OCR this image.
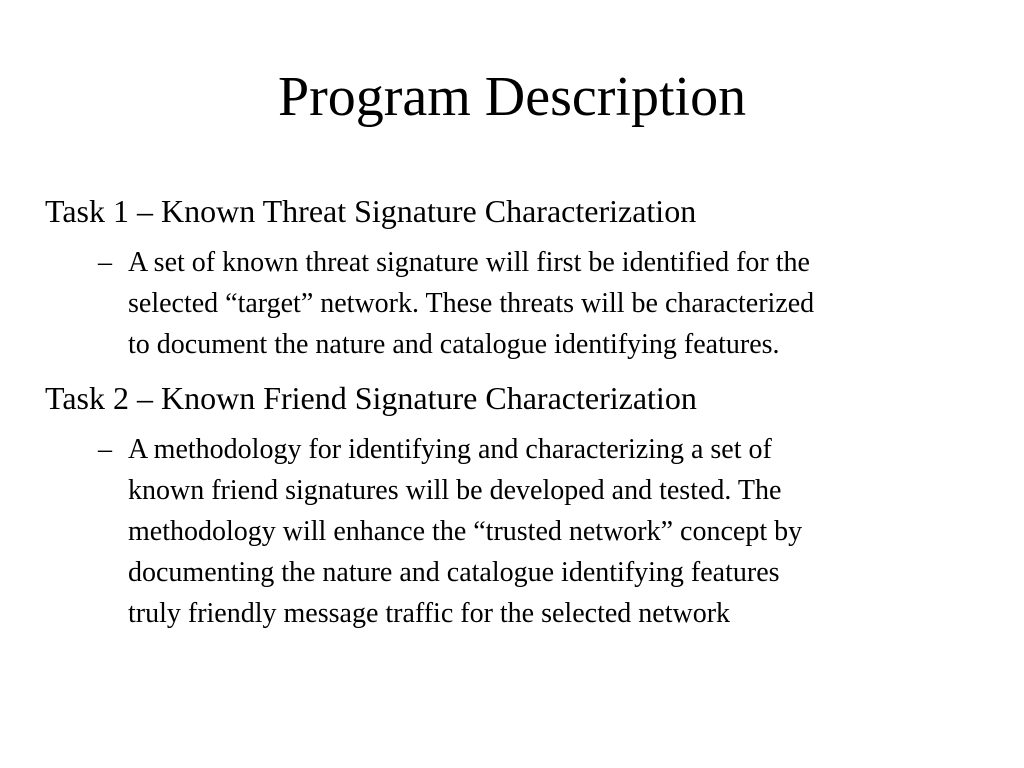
Program Description

Task 1 – Known Threat Signature Characterization

– A set of known threat signature will first be identified for the
selected “target” network. These threats will be characterized
to document the nature and catalogue identifying features.

Task 2 – Known Friend Signature Characterization

– A methodology for identifying and characterizing a set of
known friend signatures will be developed and tested. The
methodology will enhance the “trusted network” concept by
documenting the nature and catalogue identifying features
truly friendly message traffic for the selected network
